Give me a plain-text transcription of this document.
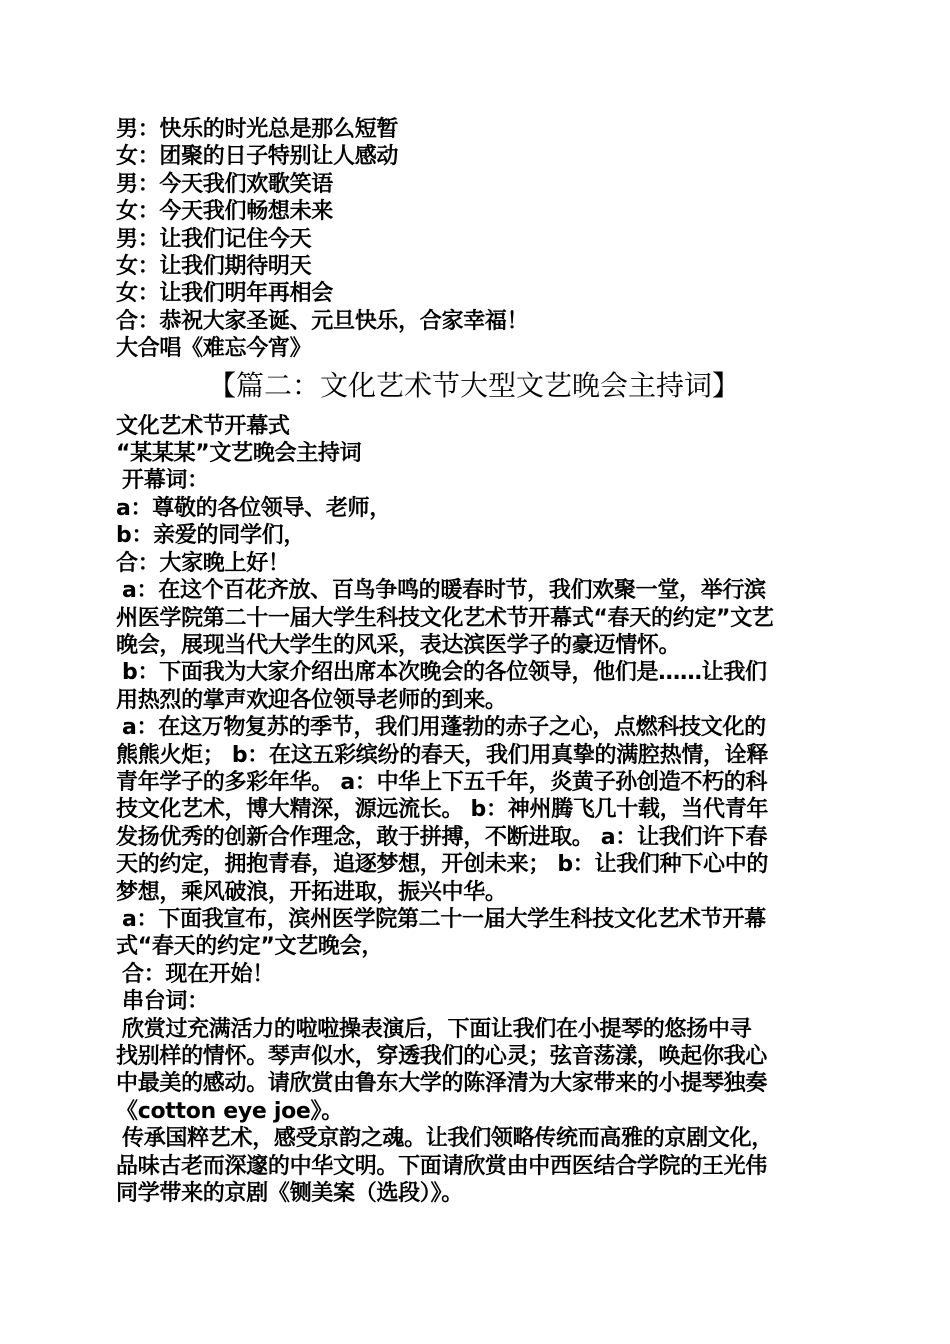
男：快乐的时光总是那么短暂
女：团聚的日子特别让人感动
男：今天我们欢歌笑语
女：今天我们畅想未来
男：让我们记住今天
女：让我们期待明天
女：让我们明年再相会
合：恭祝大家圣诞、元旦快乐，合家幸福！
大合唱《难忘今宵》
【篇二：文化艺术节大型文艺晚会主持词】
文化艺术节开幕式
“某某某”文艺晚会主持词
开幕词：
a：尊敬的各位领导、老师，
b：亲爱的同学们，
合：大家晚上好！
a：在这个百花齐放、百鸟争鸣的暖春时节，我们欢聚一堂，举行滨
州医学院第二十一届大学生科技文化艺术节开幕式“春天的约定”文艺
晚会，展现当代大学生的风采，表达滨医学子的豪迈情怀。
b：下面我为大家介绍出席本次晚会的各位领导，他们是……让我们
用热烈的掌声欢迎各位领导老师的到来。
a：在这万物复苏的季节，我们用蓬勃的赤子之心，点燃科技文化的
熊熊火炬； b：在这五彩缤纷的春天，我们用真挚的满腔热情，诠释
青年学子的多彩年华。 a：中华上下五千年，炎黄子孙创造不朽的科
技文化艺术，博大精深，源远流长。 b：神州腾飞几十载，当代青年
发扬优秀的创新合作理念，敢于拼搏，不断进取。 a：让我们许下春
天的约定，拥抱青春，追逐梦想，开创未来； b：让我们种下心中的
梦想，乘风破浪，开拓进取，振兴中华。
a：下面我宣布，滨州医学院第二十一届大学生科技文化艺术节开幕
式“春天的约定”文艺晚会，
合：现在开始！
串台词：
欣赏过充满活力的啦啦操表演后，下面让我们在小提琴的悠扬中寻
找别样的情怀。琴声似水，穿透我们的心灵；弦音荡漾，唤起你我心
中最美的感动。请欣赏由鲁东大学的陈泽清为大家带来的小提琴独奏
《cotton eye joe》。
传承国粹艺术，感受京韵之魂。让我们领略传统而高雅的京剧文化，
品味古老而深邃的中华文明。下面请欣赏由中西医结合学院的王光伟
同学带来的京剧《铡美案（选段）》。
